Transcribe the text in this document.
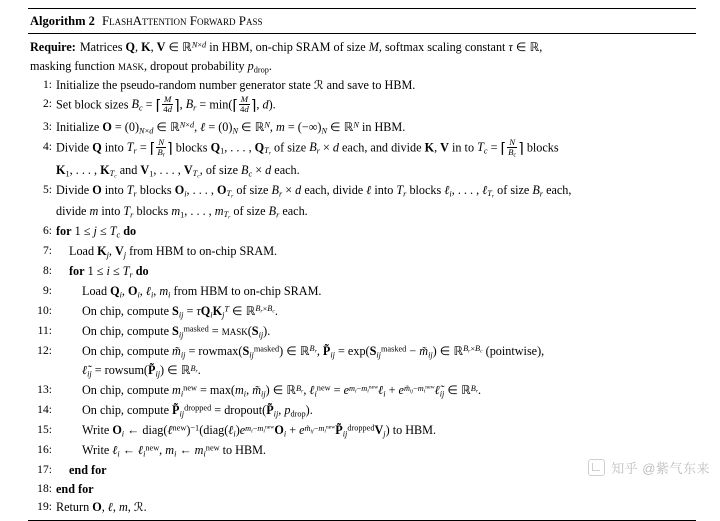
Algorithm 2 FlashAttention Forward Pass
Require: Matrices Q, K, V ∈ ℝ$^{N\times d}$ in HBM, on-chip SRAM of size M, softmax scaling constant τ ∈ ℝ,
masking function mask, dropout probability $p_{drop}$.
1: Initialize the pseudo-random number generator state ℛ and save to HBM.
2: Set block sizes $B_c$ = ⌈ $\frac{M}{4d}$ ⌉, $B_r$ = min(⌈ $\frac{M}{4d}$ ⌉, d).
3: Initialize $O = (0)_{N\times d}$ ∈ ℝ$^{N\times d}$, ℓ = $(0)_N$ ∈ ℝ$^N$, $m = (-\infty)_N$ ∈ ℝ$^N$ in HBM.
4: Divide Q into $T_r$ = ⌈ $\frac{N}{B_r}$ ⌉ blocks $Q_1$, . . . , $Q_{T_r}$ of size $B_r \times d$ each, and divide K, V in to $T_c$ = ⌈ $\frac{N}{B_c}$ ⌉ blocks
$K_1$, . . . , $K_{T_c}$ and $V_1$, . . . , $V_{T_c}$, of size $B_c \times d$ each.
5: Divide O into $T_r$ blocks $O_i$, . . . , $O_{T_r}$ of size $B_r \times d$ each, divide ℓ into $T_r$ blocks ℓ$_i$, . . . , ℓ$_{T_r}$ of size $B_r$ each,
divide m into $T_r$ blocks $m_1$, . . . , $m_{T_r}$ of size $B_r$ each.
6: for $1 \le j \le T_c$ do
7:	Load $K_j$, $V_j$ from HBM to on-chip SRAM.
8:	for $1 \le i \le T_r$ do
9:	Load $Q_i$, $O_i$, ℓ$_i$, $m_i$ from HBM to on-chip SRAM.
10:	On chip, compute $S_{ij} = \tau Q_iK_j^T$ ∈ ℝ$^{B_r\times B_c}$.
11:	On chip, compute $S_{ij}^{masked}$ = $mask(S_{ij})$.
12:	On chip, compute $m̃_{ij} = rowmax(S_{ij}^{masked})$ ∈ ℝ$^{B_r}$, $P̃_{ij} = \exp(S_{ij}^{masked}$ − $m̃_{ij}$) ∈ ℝ$^{B_r\times B_c}$ (pointwise),
$\ell̃_{ij}$ = $rowsum(P̃_{ij})$ ∈ ℝ$^{B_r}$.
13:	On chip, compute $m_i^{new} = \max(m_i$, $m̃_{ij}$) ∈ ℝ$^{B_r}$, ℓ$_i^{new}$ = $e^{m_i-m_i^{new}}\ell_i$ + $e^{m̃_{ij}-m_i^{new}}\ell̃_{ij}$ ∈ ℝ$^{B_r}$.
14:	On chip, compute $P̃_{ij}^{dropped}$ = $dropout(P̃_{ij}$, $p_{drop}$).
15:	Write $O_i$ ← $diag(\ell^{new})^{-1}(diag(\ell_i)e^{m_i-m_i^{new}}O_i$ + $e^{m̃_{ij}-m_i^{new}}P̃_{ij}^{dropped}V_j$) to HBM.
16:	Write ℓ$_i$ ← ℓ$_i^{new}$, $m_i$ ← $m_i^{new}$ to HBM.
17:	end for
18: end for
19: Return O, ℓ, m, ℛ.
知乎 @紫气东来
